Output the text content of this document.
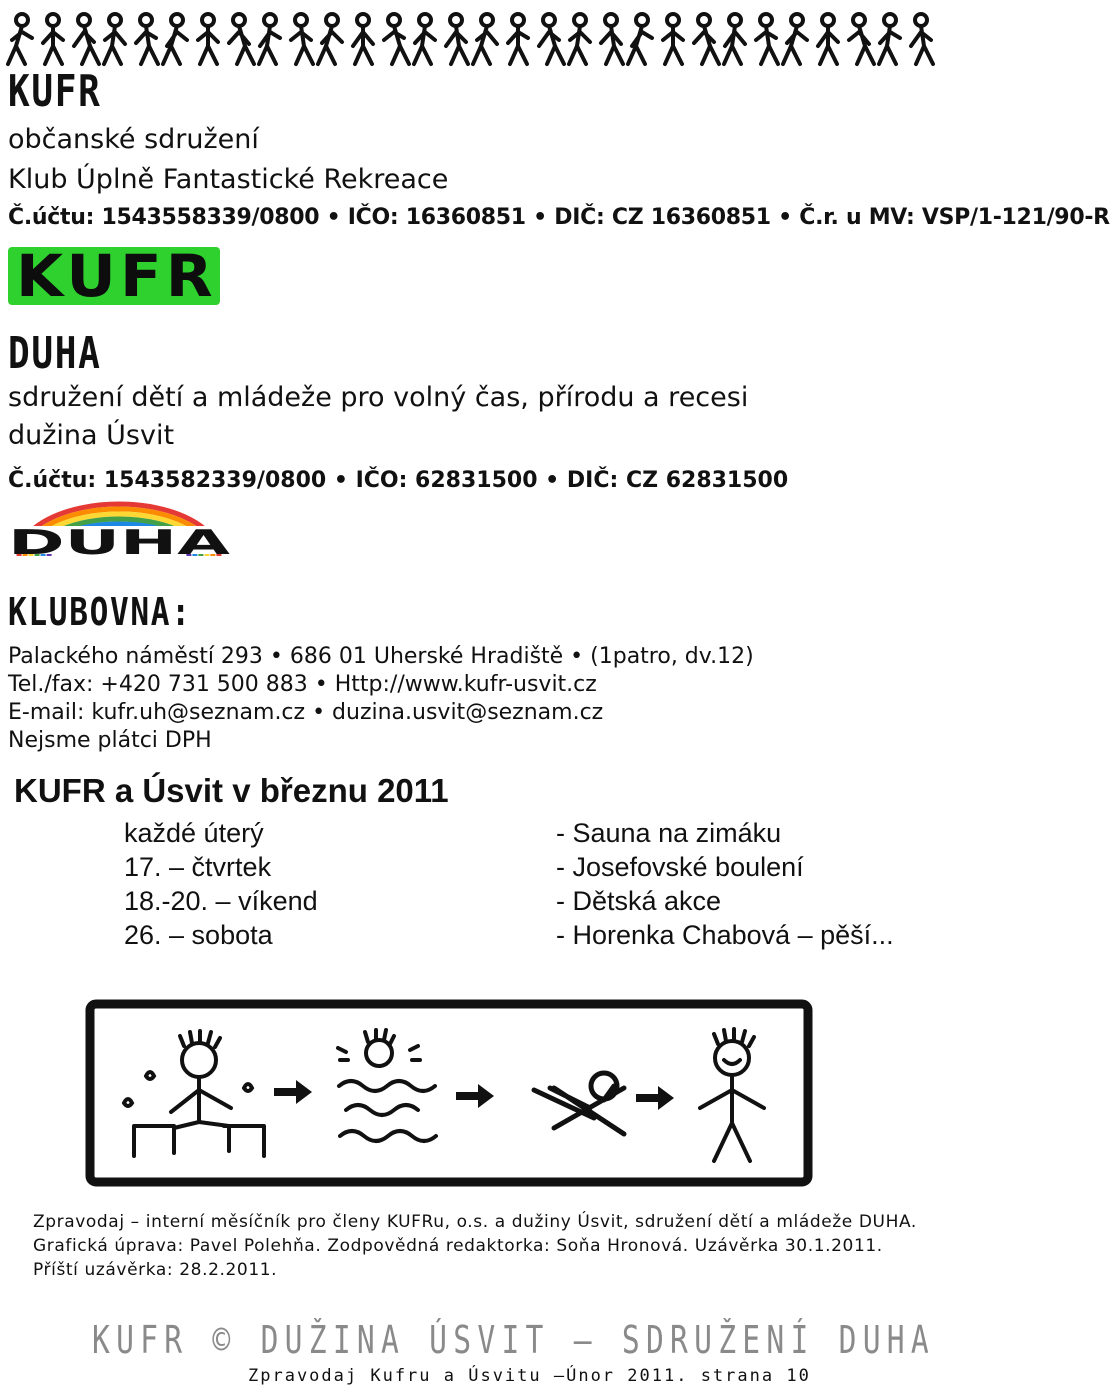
KUFR
občanské sdružení
Klub Úplně Fantastické Rekreace
Č.účtu: 1543558339/0800 • IČO: 16360851 • DIČ: CZ 16360851 • Č.r. u MV: VSP/1-121/90-R
KUFR
DUHA
sdružení dětí a mládeže pro volný čas, přírodu a recesi
dužina Úsvit
Č.účtu: 1543582339/0800 • IČO: 62831500 • DIČ: CZ 62831500
DUHA
KLUBOVNA:
Palackého náměstí 293 • 686 01 Uherské Hradiště • (1patro, dv.12)
Tel./fax: +420 731 500 883 • Http://www.kufr-usvit.cz
E-mail: kufr.uh@seznam.cz • duzina.usvit@seznam.cz
Nejsme plátci DPH
KUFR a Úsvit v březnu 2011
každé úterý
17. – čtvrtek
18.-20. – víkend
26. – sobota
- Sauna na zimáku
- Josefovské boulení
- Dětská akce
- Horenka Chabová – pěší...
Zpravodaj – interní měsíčník pro členy KUFRu, o.s. a dužiny Úsvit, sdružení dětí a mládeže DUHA.
Grafická úprava: Pavel Polehňa. Zodpovědná redaktorka: Soňa Hronová. Uzávěrka 30.1.2011.
Příští uzávěrka: 28.2.2011.
KUFR © DUŽINA ÚSVIT – SDRUŽENÍ DUHA
Zpravodaj Kufru a Úsvitu –Únor 2011. strana 10
